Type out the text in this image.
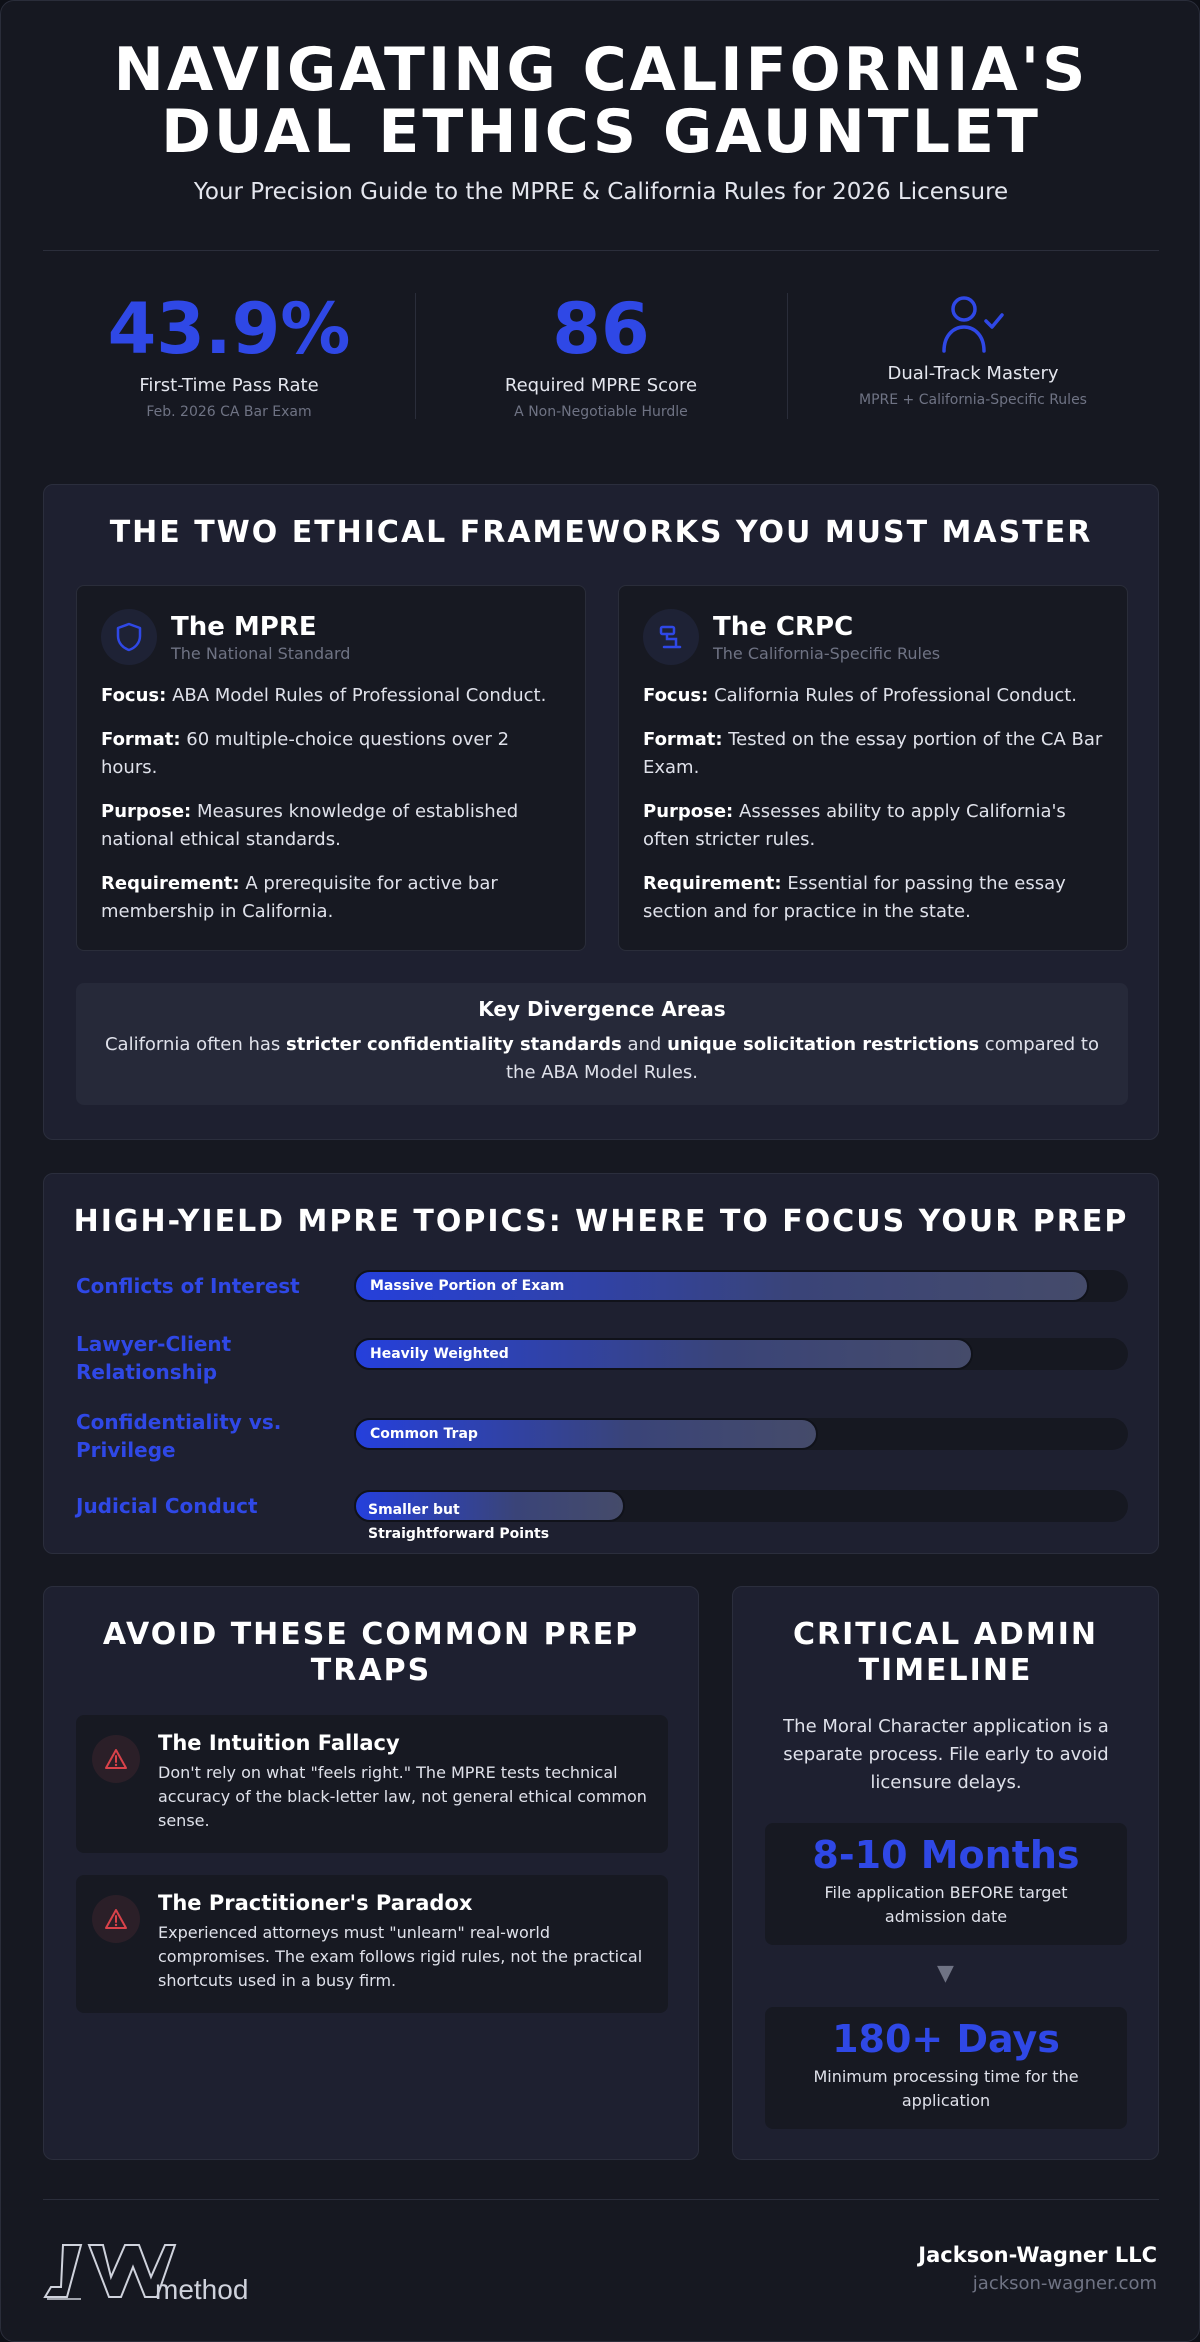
NAVIGATING CALIFORNIA'S
DUAL ETHICS GAUNTLET
Your Precision Guide to the MPRE & California Rules for 2026 Licensure
43.9%
First-Time Pass Rate
Feb. 2026 CA Bar Exam
86
Required MPRE Score
A Non-Negotiable Hurdle
Dual-Track Mastery
MPRE + California-Specific Rules
THE TWO ETHICAL FRAMEWORKS YOU MUST MASTER
The MPRE
The National Standard
Focus: ABA Model Rules of Professional Conduct.
Format: 60 multiple-choice questions over 2 hours.
Purpose: Measures knowledge of established national ethical standards.
Requirement: A prerequisite for active bar membership in California.
The CRPC
The California-Specific Rules
Focus: California Rules of Professional Conduct.
Format: Tested on the essay portion of the CA Bar Exam.
Purpose: Assesses ability to apply California's often stricter rules.
Requirement: Essential for passing the essay section and for practice in the state.
Key Divergence Areas
California often has stricter confidentiality standards and unique solicitation restrictions compared to the ABA Model Rules.
HIGH-YIELD MPRE TOPICS: WHERE TO FOCUS YOUR PREP
Conflicts of Interest	Massive Portion of Exam
Lawyer-Client Relationship
Heavily Weighted
Confidentiality vs. Privilege
Common Trap
Judicial Conduct	Smaller but Straightforward Points
AVOID THESE COMMON PREP TRAPS
The Intuition Fallacy
Don't rely on what "feels right." The MPRE tests technical accuracy of the black-letter law, not general ethical common sense.
The Practitioner's Paradox
Experienced attorneys must "unlearn" real-world compromises. The exam follows rigid rules, not the practical shortcuts used in a busy firm.
CRITICAL ADMIN TIMELINE
The Moral Character application is a separate process. File early to avoid licensure delays.
8-10 Months
File application BEFORE target admission date
▼
180+ Days
Minimum processing time for the application
method
Jackson-Wagner LLC
jackson-wagner.com
